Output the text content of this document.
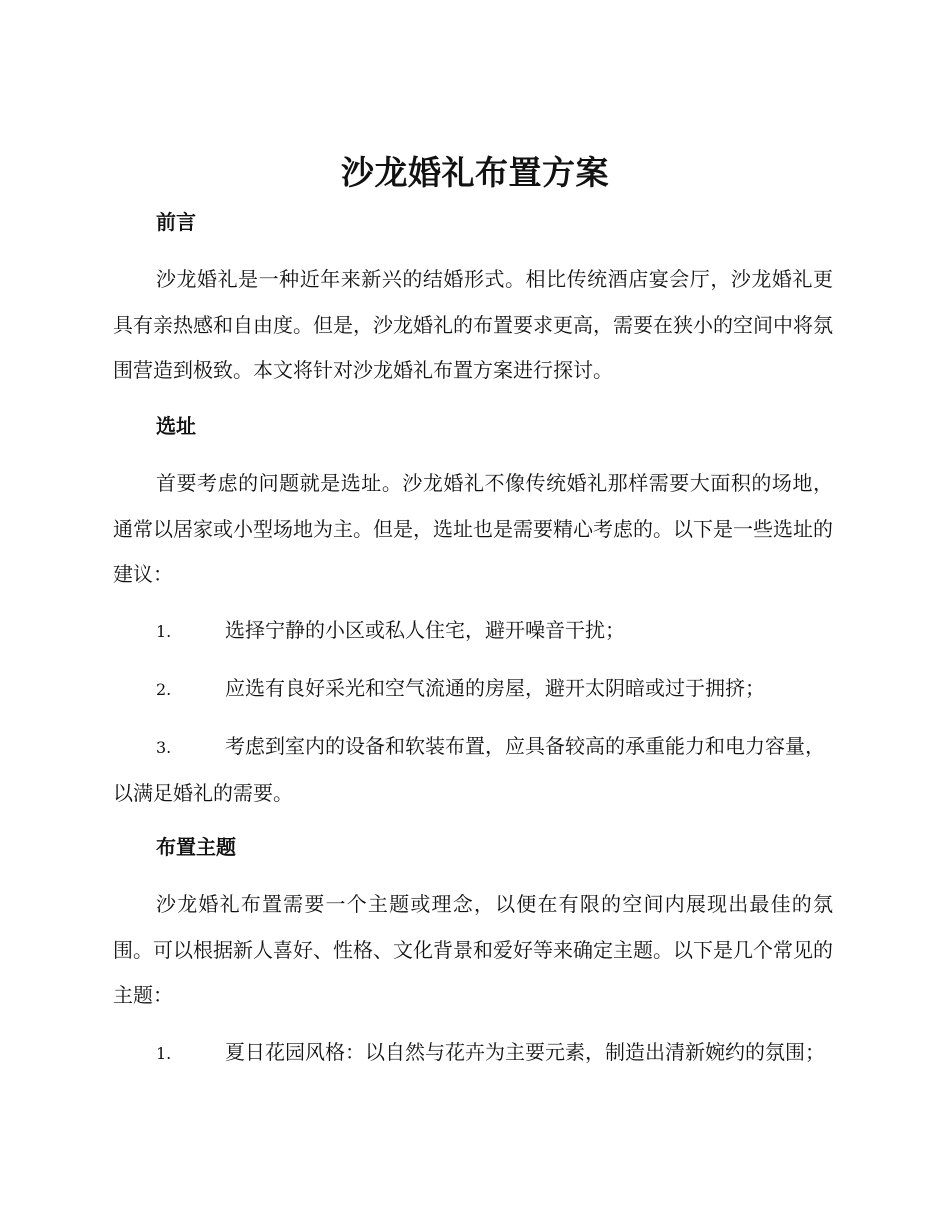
沙龙婚礼布置方案
前言

沙龙婚礼是一种近年来新兴的结婚形式。相比传统酒店宴会厅，沙龙婚礼更具有亲热感和自由度。但是，沙龙婚礼的布置要求更高，需要在狭小的空间中将氛围营造到极致。本文将针对沙龙婚礼布置方案进行探讨。

选址

首要考虑的问题就是选址。沙龙婚礼不像传统婚礼那样需要大面积的场地，通常以居家或小型场地为主。但是，选址也是需要精心考虑的。以下是一些选址的建议：

1.	选择宁静的小区或私人住宅，避开噪音干扰；

2.	应选有良好采光和空气流通的房屋，避开太阴暗或过于拥挤；

3.	考虑到室内的设备和软装布置，应具备较高的承重能力和电力容量，以满足婚礼的需要。

布置主题

沙龙婚礼布置需要一个主题或理念，以便在有限的空间内展现出最佳的氛围。可以根据新人喜好、性格、文化背景和爱好等来确定主题。以下是几个常见的主题：

1.	夏日花园风格：以自然与花卉为主要元素，制造出清新婉约的氛围；
